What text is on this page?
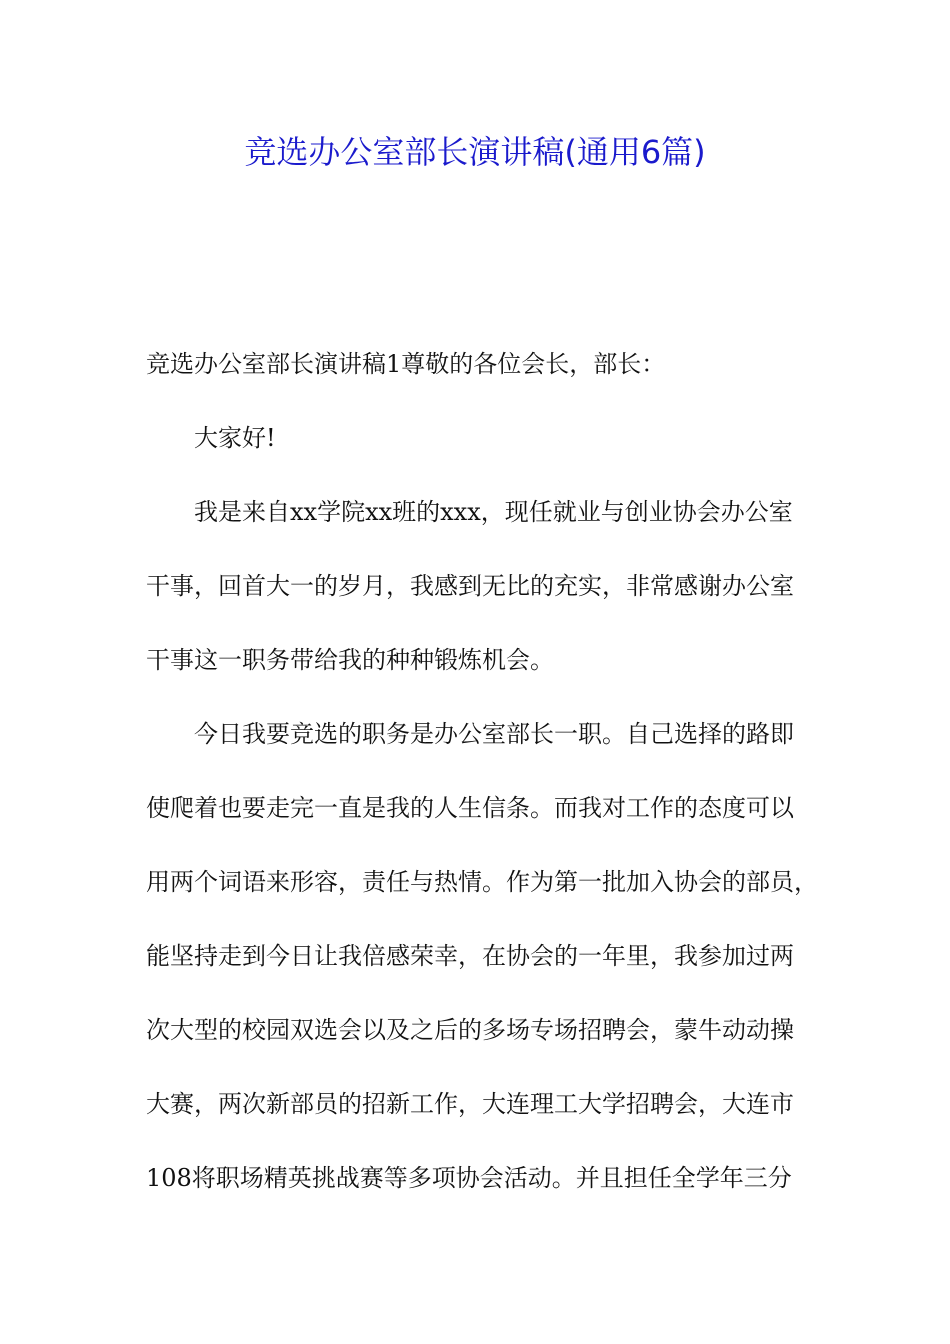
竞选办公室部长演讲稿(通用6篇)
竞选办公室部长演讲稿1尊敬的各位会长，部长：
大家好!
我是来自xx学院xx班的xxx，现任就业与创业协会办公室
干事，回首大一的岁月，我感到无比的充实，非常感谢办公室
干事这一职务带给我的种种锻炼机会。
今日我要竞选的职务是办公室部长一职。自己选择的路即
使爬着也要走完一直是我的人生信条。而我对工作的态度可以
用两个词语来形容，责任与热情。作为第一批加入协会的部员，
能坚持走到今日让我倍感荣幸，在协会的一年里，我参加过两
次大型的校园双选会以及之后的多场专场招聘会，蒙牛动动操
大赛，两次新部员的招新工作，大连理工大学招聘会，大连市
108将职场精英挑战赛等多项协会活动。并且担任全学年三分
